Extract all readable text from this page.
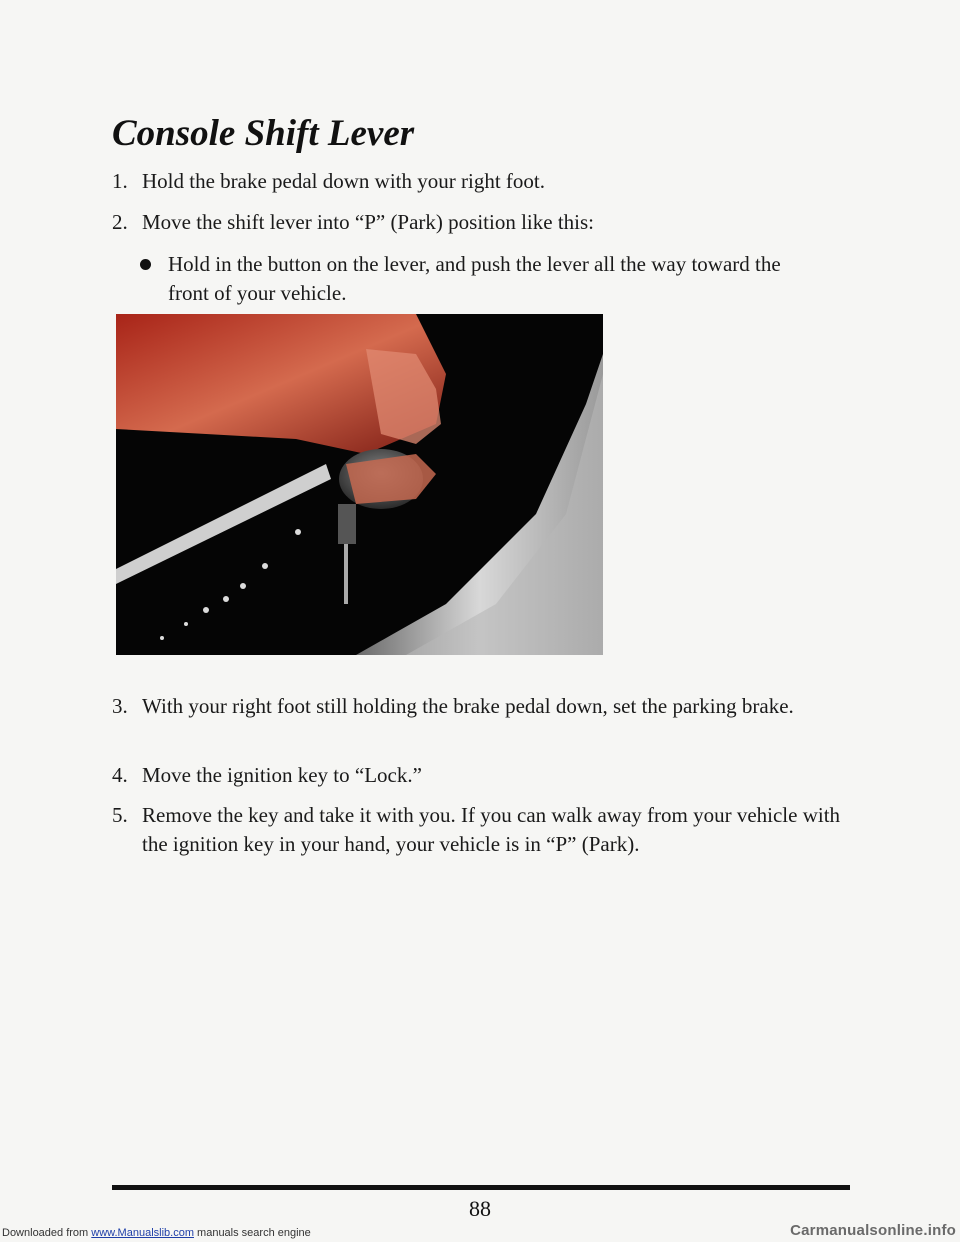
Console Shift Lever

1. Hold the brake pedal down with your right foot.

2. Move the shift lever into “P” (Park) position like this:

Hold in the button on the lever, and push the lever all the way toward the front of your vehicle.

3. With your right foot still holding the brake pedal down, set the parking brake.

4. Move the ignition key to “Lock.”

5. Remove the key and take it with you. If you can walk away from your vehicle with the ignition key in your hand, your vehicle is in “P” (Park).

88
Downloaded from www.Manualslib.com manuals search engine	Carmanualsonline.info
